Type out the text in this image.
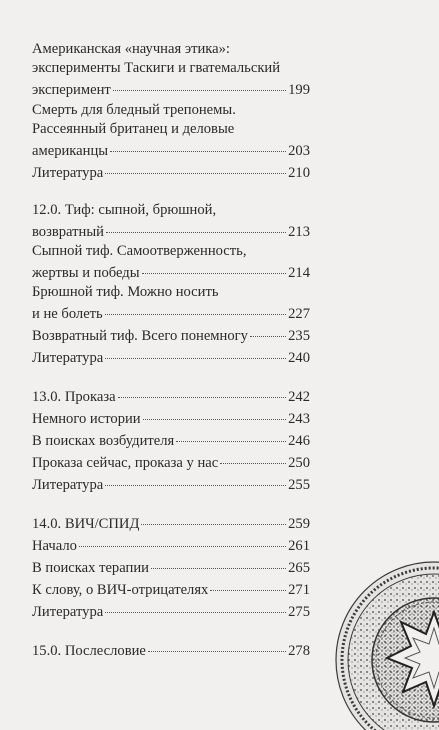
Американская «научная этика»:
эксперименты Таскиги и гватемальский
эксперимент	199
Смерть для бледный трепонемы.
Рассеянный британец и деловые
американцы	203
Литература	210
12.0. Тиф: сыпной, брюшной,
возвратный	213
Сыпной тиф. Самоотверженность,
жертвы и победы	214
Брюшной тиф. Можно носить
и не болеть	227
Возвратный тиф. Всего понемногу	235
Литература	240
13.0. Проказа	242
Немного истории	243
В поисках возбудителя	246
Проказа сейчас, проказа у нас	250
Литература	255
14.0. ВИЧ/СПИД	259
Начало	261
В поисках терапии	265
К слову, о ВИЧ-отрицателях	271
Литература	275
15.0. Послесловие	278
